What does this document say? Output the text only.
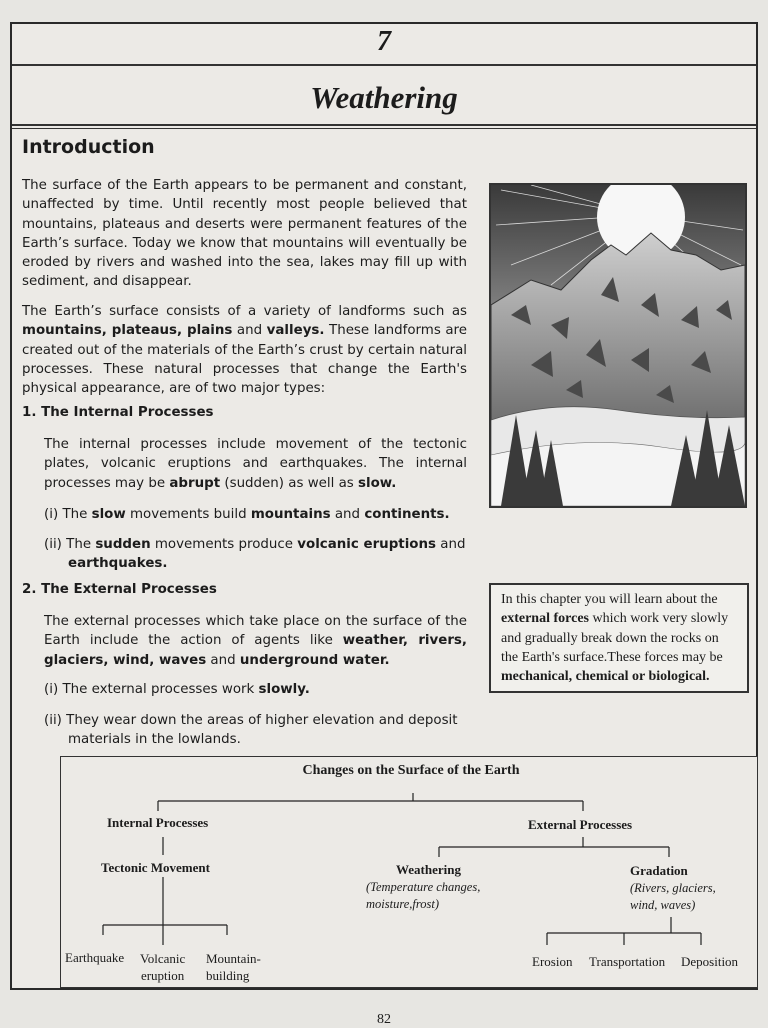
7
Weathering
Introduction

The surface of the Earth appears to be permanent and constant, unaffected by time. Until recently most people believed that mountains, plateaus and deserts were permanent features of the Earth’s surface. Today we know that mountains will eventually be eroded by rivers and washed into the sea, lakes may fill up with sediment, and disappear.

The Earth’s surface consists of a variety of landforms such as mountains, plateaus, plains and valleys. These landforms are created out of the materials of the Earth’s crust by certain natural processes. These natural processes that change the Earth's physical appearance, are of two major types:

1. The Internal Processes

The internal processes include movement of the tectonic plates, volcanic eruptions and earthquakes. The internal processes may be abrupt (sudden) as well as slow.

(i) The slow movements build mountains and continents.

(ii) The sudden movements produce volcanic eruptions and earthquakes.

2. The External Processes

The external processes which take place on the surface of the Earth include the action of agents like weather, rivers, glaciers, wind, waves and underground water.

(i) The external processes work slowly.

(ii) They wear down the areas of higher elevation and deposit materials in the lowlands.

In this chapter you will learn about the external forces which work very slowly and gradually break down the rocks on the Earth's surface.These forces may be mechanical, chemical or biological.

Changes on the Surface of the Earth
Internal Processes	External Processes
Tectonic Movement	Weathering
(Temperature changes,
moisture,frost)
Gradation
(Rivers, glaciers,
wind, waves)
Earthquake Volcanic
eruption
Mountain-
building
Erosion Transportation Deposition
82
